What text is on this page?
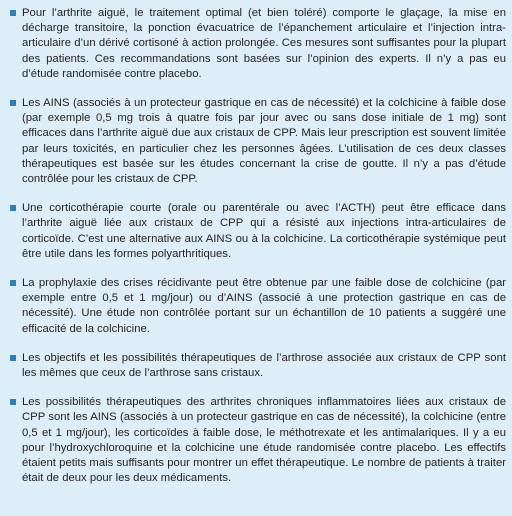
Pour l’arthrite aiguë, le traitement optimal (et bien toléré) comporte le glaçage, la mise en décharge transitoire, la ponction évacuatrice de l’épanchement articulaire et l’injection intra-articulaire d’un dérivé cortisoné à action prolongée. Ces mesures sont suffisantes pour la plupart des patients. Ces recommandations sont basées sur l’opinion des experts. Il n’y a pas eu d’étude randomisée contre placebo.
Les AINS (associés à un protecteur gastrique en cas de nécessité) et la colchicine à faible dose (par exemple 0,5 mg trois à quatre fois par jour avec ou sans dose initiale de 1 mg) sont efficaces dans l’arthrite aiguë due aux cristaux de CPP. Mais leur prescription est souvent limitée par leurs toxicités, en particulier chez les personnes âgées. L’utilisation de ces deux classes thérapeutiques est basée sur les études concernant la crise de goutte. Il n’y a pas d’étude contrôlée pour les cristaux de CPP.
Une corticothérapie courte (orale ou parentérale ou avec l’ACTH) peut être efficace dans l’arthrite aiguë liée aux cristaux de CPP qui a résisté aux injections intra-articulaires de corticoïde. C’est une alternative aux AINS ou à la colchicine. La corticothérapie systémique peut être utile dans les formes polyarthritiques.
La prophylaxie des crises récidivante peut être obtenue par une faible dose de colchicine (par exemple entre 0,5 et 1 mg/jour) ou d’AINS (associé à une protection gastrique en cas de nécessité). Une étude non contrôlée portant sur un échantillon de 10 patients a suggéré une efficacité de la colchicine.
Les objectifs et les possibilités thérapeutiques de l’arthrose associée aux cristaux de CPP sont les mêmes que ceux de l’arthrose sans cristaux.
Les possibilités thérapeutiques des arthrites chroniques inflammatoires liées aux cristaux de CPP sont les AINS (associés à un protecteur gastrique en cas de nécessité), la colchicine (entre 0,5 et 1 mg/jour), les corticoïdes à faible dose, le méthotrexate et les antimalariques. Il y a eu pour l’hydroxychloroquine et la colchicine une étude randomisée contre placebo. Les effectifs étaient petits mais suffisants pour montrer un effet thérapeutique. Le nombre de patients à traiter était de deux pour les deux médicaments.
